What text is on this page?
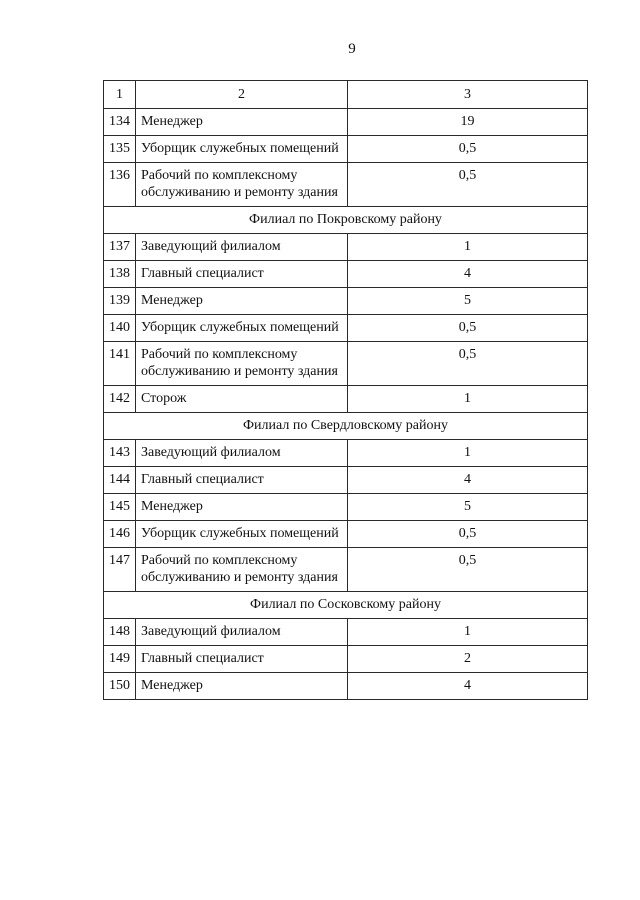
9
1	2	3
134	Менеджер	19
135	Уборщик служебных помещений	0,5
136	Рабочий по комплексному обслуживанию и ремонту здания	0,5
Филиал по Покровскому району		
137	Заведующий филиалом	1
138	Главный специалист	4
139	Менеджер	5
140	Уборщик служебных помещений	0,5
141	Рабочий по комплексному обслуживанию и ремонту здания	0,5
142	Сторож	1
Филиал по Свердловскому району		
143	Заведующий филиалом	1
144	Главный специалист	4
145	Менеджер	5
146	Уборщик служебных помещений	0,5
147	Рабочий по комплексному обслуживанию и ремонту здания	0,5
Филиал по Сосковскому району		
148	Заведующий филиалом	1
149	Главный специалист	2
150	Менеджер	4
